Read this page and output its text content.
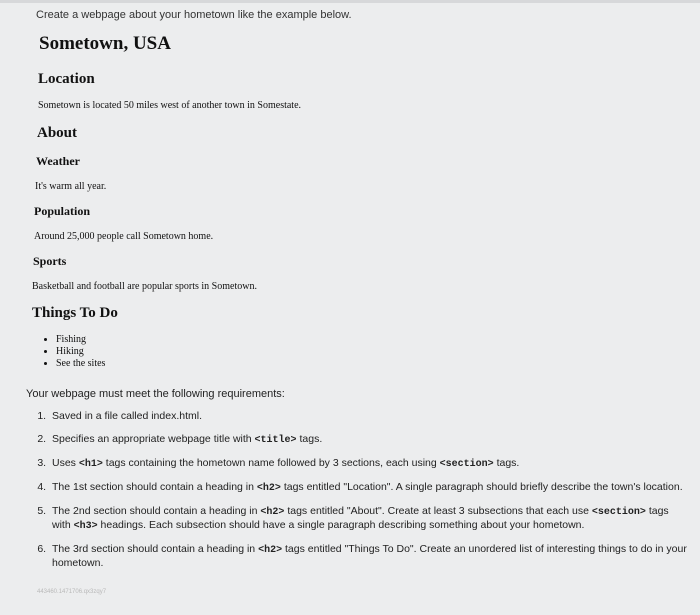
Create a webpage about your hometown like the example below.
Sometown, USA
Location
Sometown is located 50 miles west of another town in Somestate.
About
Weather
It's warm all year.
Population
Around 25,000 people call Sometown home.
Sports
Basketball and football are popular sports in Sometown.
Things To Do
• Fishing
• Hiking
• See the sites
Your webpage must meet the following requirements:
1. Saved in a file called index.html.
2. Specifies an appropriate webpage title with <title> tags.
3. Uses <h1> tags containing the hometown name followed by 3 sections, each using <section> tags.
4. The 1st section should contain a heading in <h2> tags entitled "Location". A single paragraph should briefly describe the town's location.
5. The 2nd section should contain a heading in <h2> tags entitled "About". Create at least 3 subsections that each use <section> tags with <h3> headings. Each subsection should have a single paragraph describing something about your hometown.
6. The 3rd section should contain a heading in <h2> tags entitled "Things To Do". Create an unordered list of interesting things to do in your hometown.
443460.1471706.qx3zqy7
